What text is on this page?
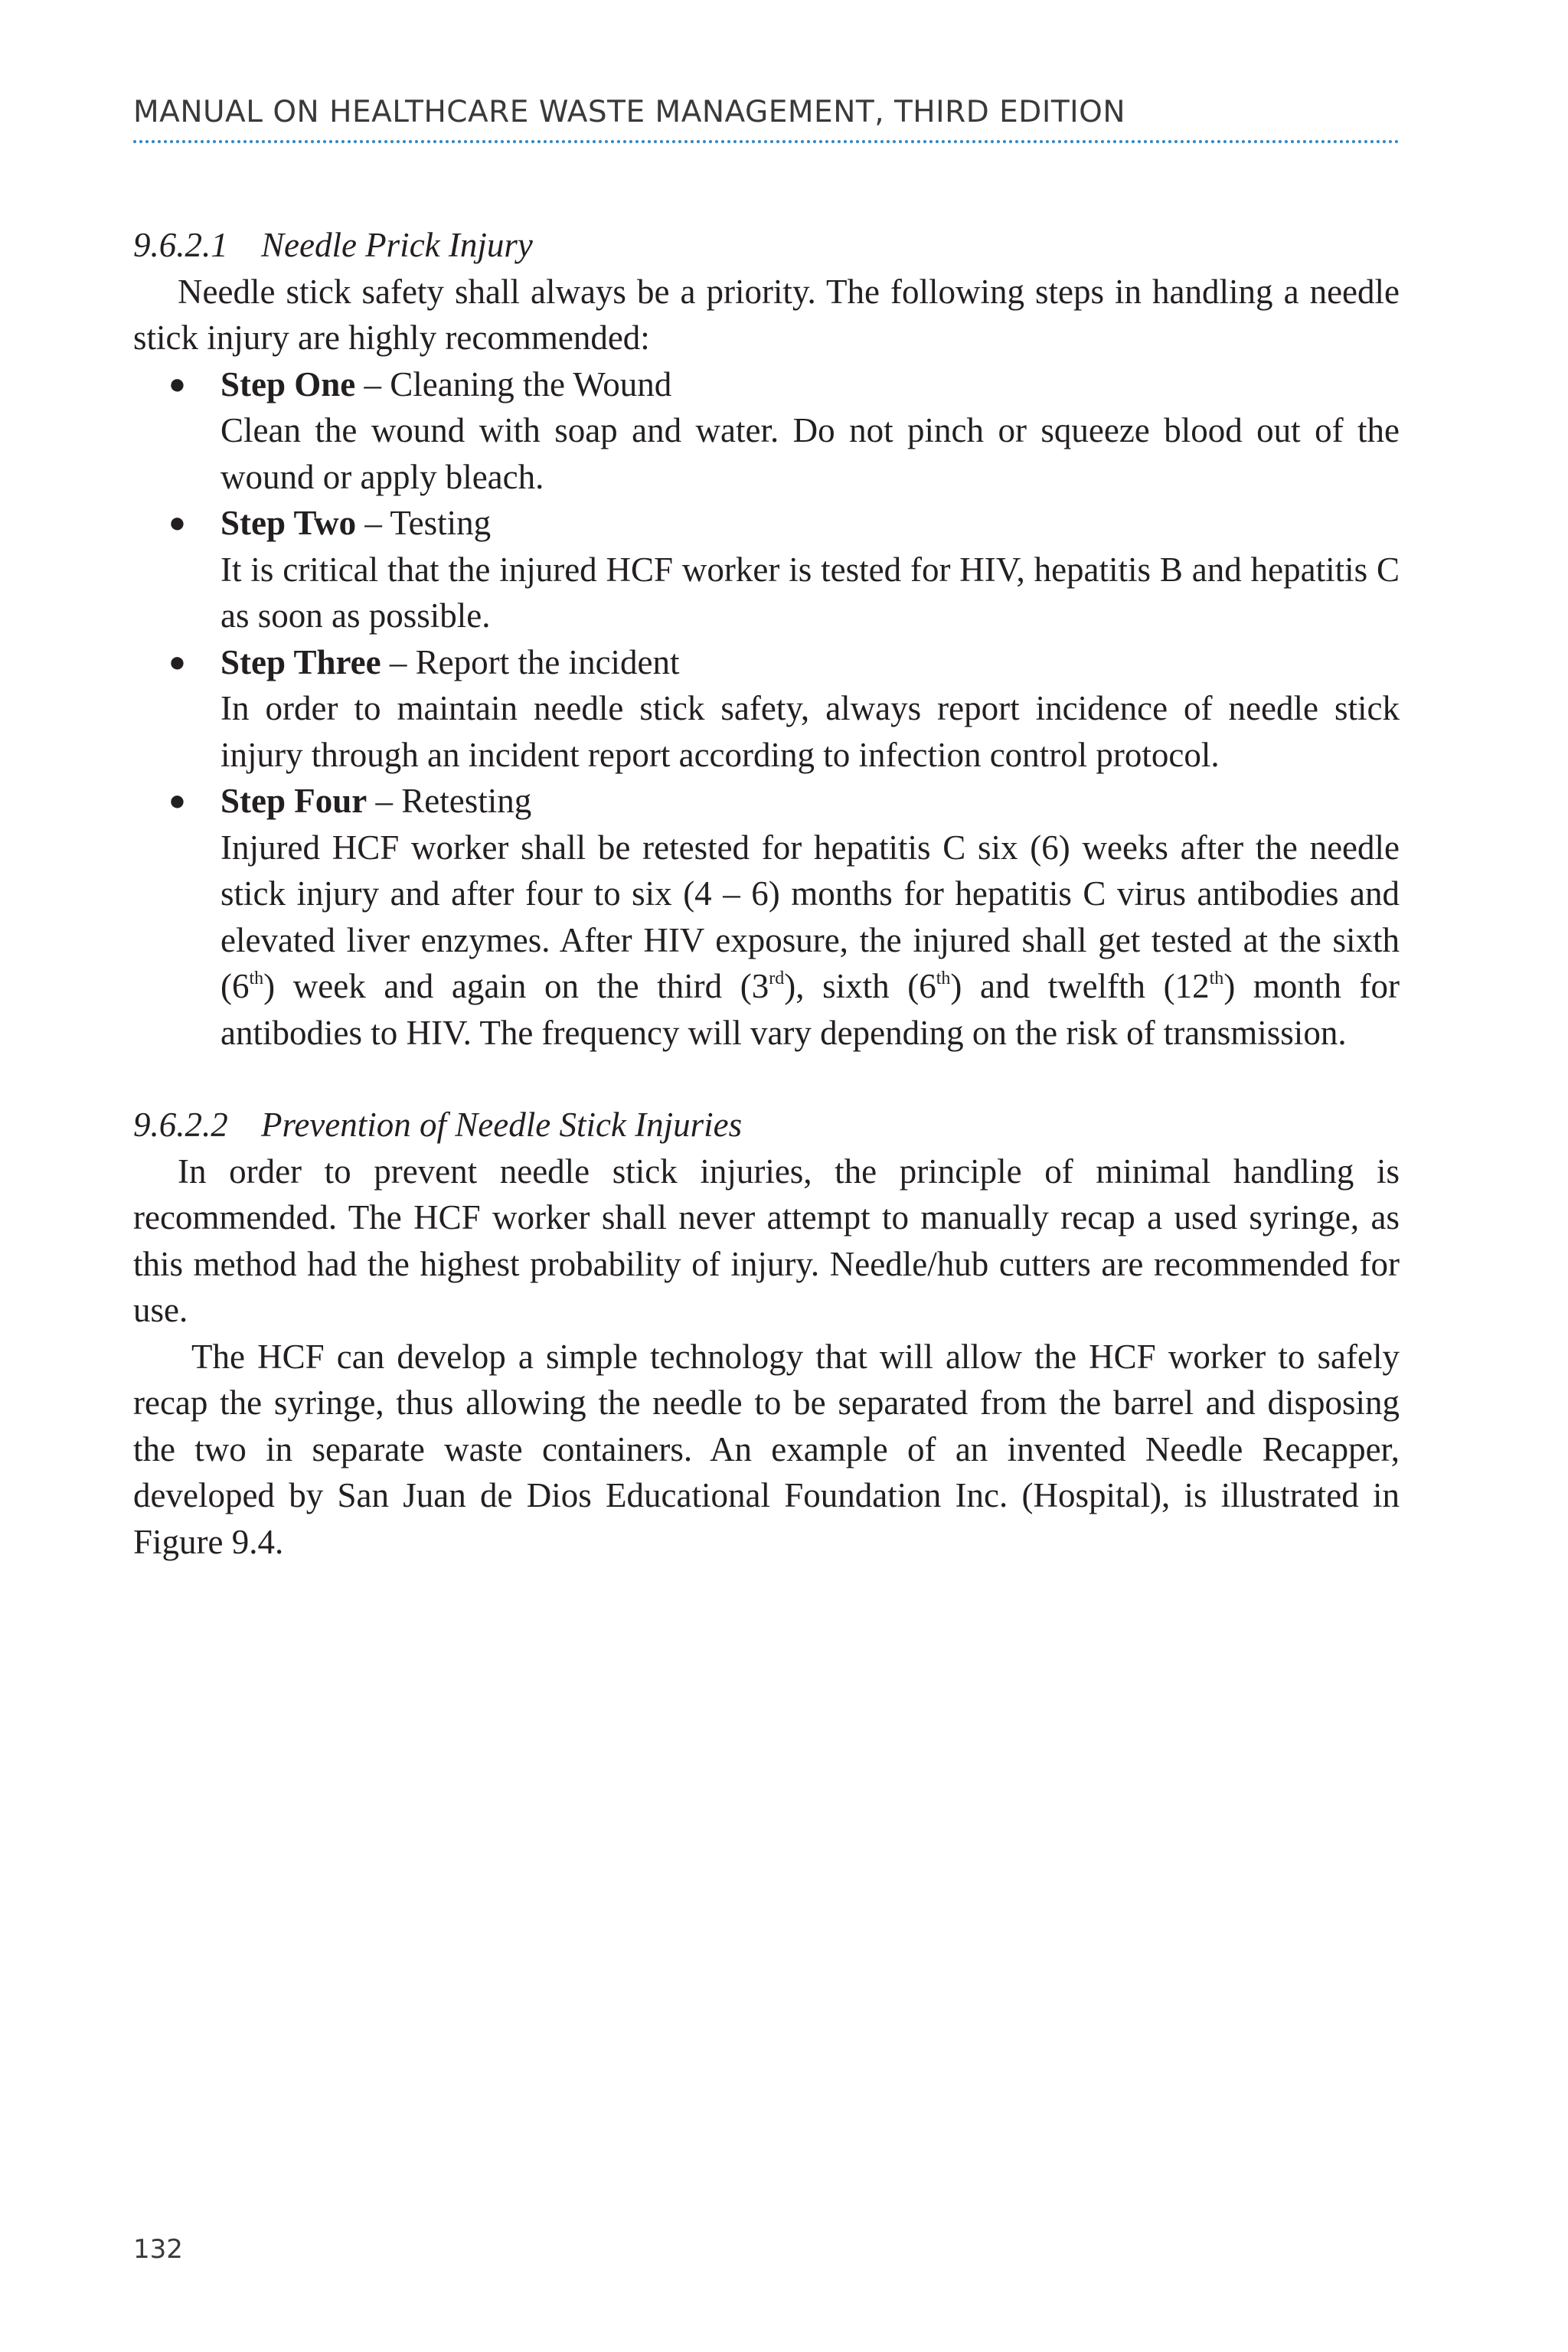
MANUAL ON HEALTHCARE WASTE MANAGEMENT, THIRD EDITION
9.6.2.1 Needle Prick Injury

Needle stick safety shall always be a priority. The following steps in handling a needle stick injury are highly recommended:

● Step One – Cleaning the Wound
Clean the wound with soap and water. Do not pinch or squeeze blood out of the wound or apply bleach.
● Step Two – Testing
It is critical that the injured HCF worker is tested for HIV, hepatitis B and hepatitis C as soon as possible.
● Step Three – Report the incident
In order to maintain needle stick safety, always report incidence of needle stick injury through an incident report according to infection control protocol.
● Step Four – Retesting
Injured HCF worker shall be retested for hepatitis C six (6) weeks after the needle stick injury and after four to six (4 – 6) months for hepatitis C virus antibodies and elevated liver enzymes. After HIV exposure, the injured shall get tested at the sixth (6th) week and again on the third (3rd), sixth (6th) and twelfth (12th) month for antibodies to HIV. The frequency will vary depending on the risk of transmission.
9.6.2.2 Prevention of Needle Stick Injuries

In order to prevent needle stick injuries, the principle of minimal handling is recommended. The HCF worker shall never attempt to manually recap a used syringe, as this method had the highest probability of injury. Needle/hub cutters are recommended for use.

The HCF can develop a simple technology that will allow the HCF worker to safely recap the syringe, thus allowing the needle to be separated from the barrel and disposing the two in separate waste containers. An example of an invented Needle Recapper, developed by San Juan de Dios Educational Foundation Inc. (Hospital), is illustrated in Figure 9.4.

132
